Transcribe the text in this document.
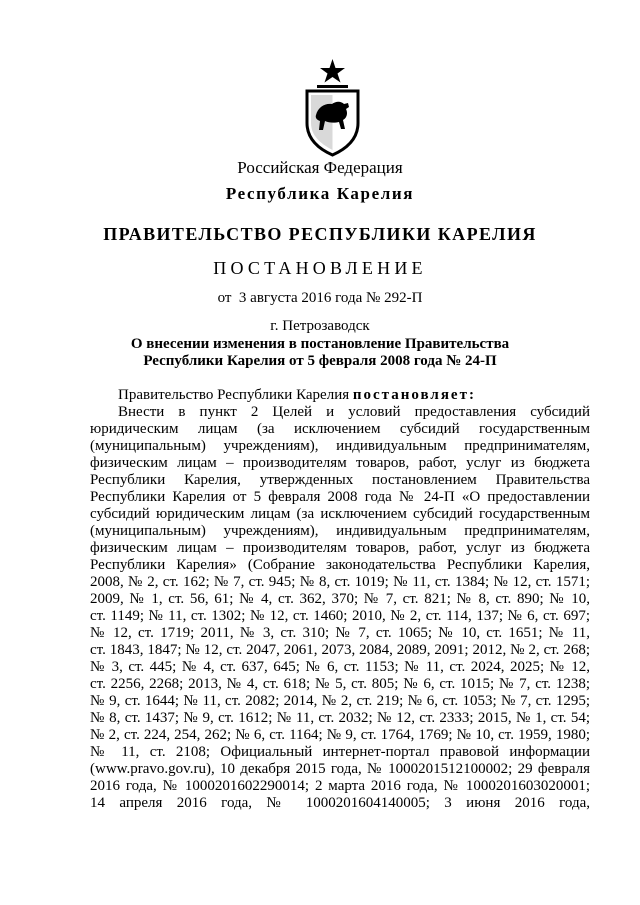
Российская Федерация
Республика Карелия
ПРАВИТЕЛЬСТВО РЕСПУБЛИКИ КАРЕЛИЯ
ПОСТАНОВЛЕНИЕ
от  3 августа 2016 года № 292-П
г. Петрозаводск
О внесении изменения в постановление Правительства
Республики Карелия от 5 февраля 2008 года № 24-П
Правительство Республики Карелия постановляет:
Внести в пункт 2 Целей и условий предоставления субсидий
юридическим лицам (за исключением субсидий государственным
(муниципальным) учреждениям), индивидуальным предпринимателям,
физическим лицам – производителям товаров, работ, услуг из бюджета
Республики Карелия, утвержденных постановлением Правительства
Республики Карелия от 5 февраля 2008 года № 24-П «О предоставлении
субсидий юридическим лицам (за исключением субсидий государственным
(муниципальным) учреждениям), индивидуальным предпринимателям,
физическим лицам – производителям товаров, работ, услуг из бюджета
Республики Карелия» (Собрание законодательства Республики Карелия,
2008, № 2, ст. 162; № 7, ст. 945; № 8, ст. 1019; № 11, ст. 1384; № 12, ст. 1571;
2009, № 1, ст. 56, 61; № 4, ст. 362, 370; № 7, ст. 821; № 8, ст. 890; № 10,
ст. 1149; № 11, ст. 1302; № 12, ст. 1460; 2010, № 2, ст. 114, 137; № 6, ст. 697;
№ 12, ст. 1719; 2011, № 3, ст. 310; № 7, ст. 1065; № 10, ст. 1651; № 11,
ст. 1843, 1847; № 12, ст. 2047, 2061, 2073, 2084, 2089, 2091; 2012, № 2, ст. 268;
№ 3, ст. 445; № 4, ст. 637, 645; № 6, ст. 1153; № 11, ст. 2024, 2025; № 12,
ст. 2256, 2268; 2013, № 4, ст. 618; № 5, ст. 805; № 6, ст. 1015; № 7, ст. 1238;
№ 9, ст. 1644; № 11, ст. 2082; 2014, № 2, ст. 219; № 6, ст. 1053; № 7, ст. 1295;
№ 8, ст. 1437; № 9, ст. 1612; № 11, ст. 2032; № 12, ст. 2333; 2015, № 1, ст. 54;
№ 2, ст. 224, 254, 262; № 6, ст. 1164; № 9, ст. 1764, 1769; № 10, ст. 1959, 1980;
№ 11, ст. 2108; Официальный интернет-портал правовой информации
(www.pravo.gov.ru), 10 декабря 2015 года, № 1000201512100002; 29 февраля
2016 года, № 1000201602290014; 2 марта 2016 года, № 1000201603020001;
14 апреля 2016 года, № 1000201604140005; 3 июня 2016 года,
